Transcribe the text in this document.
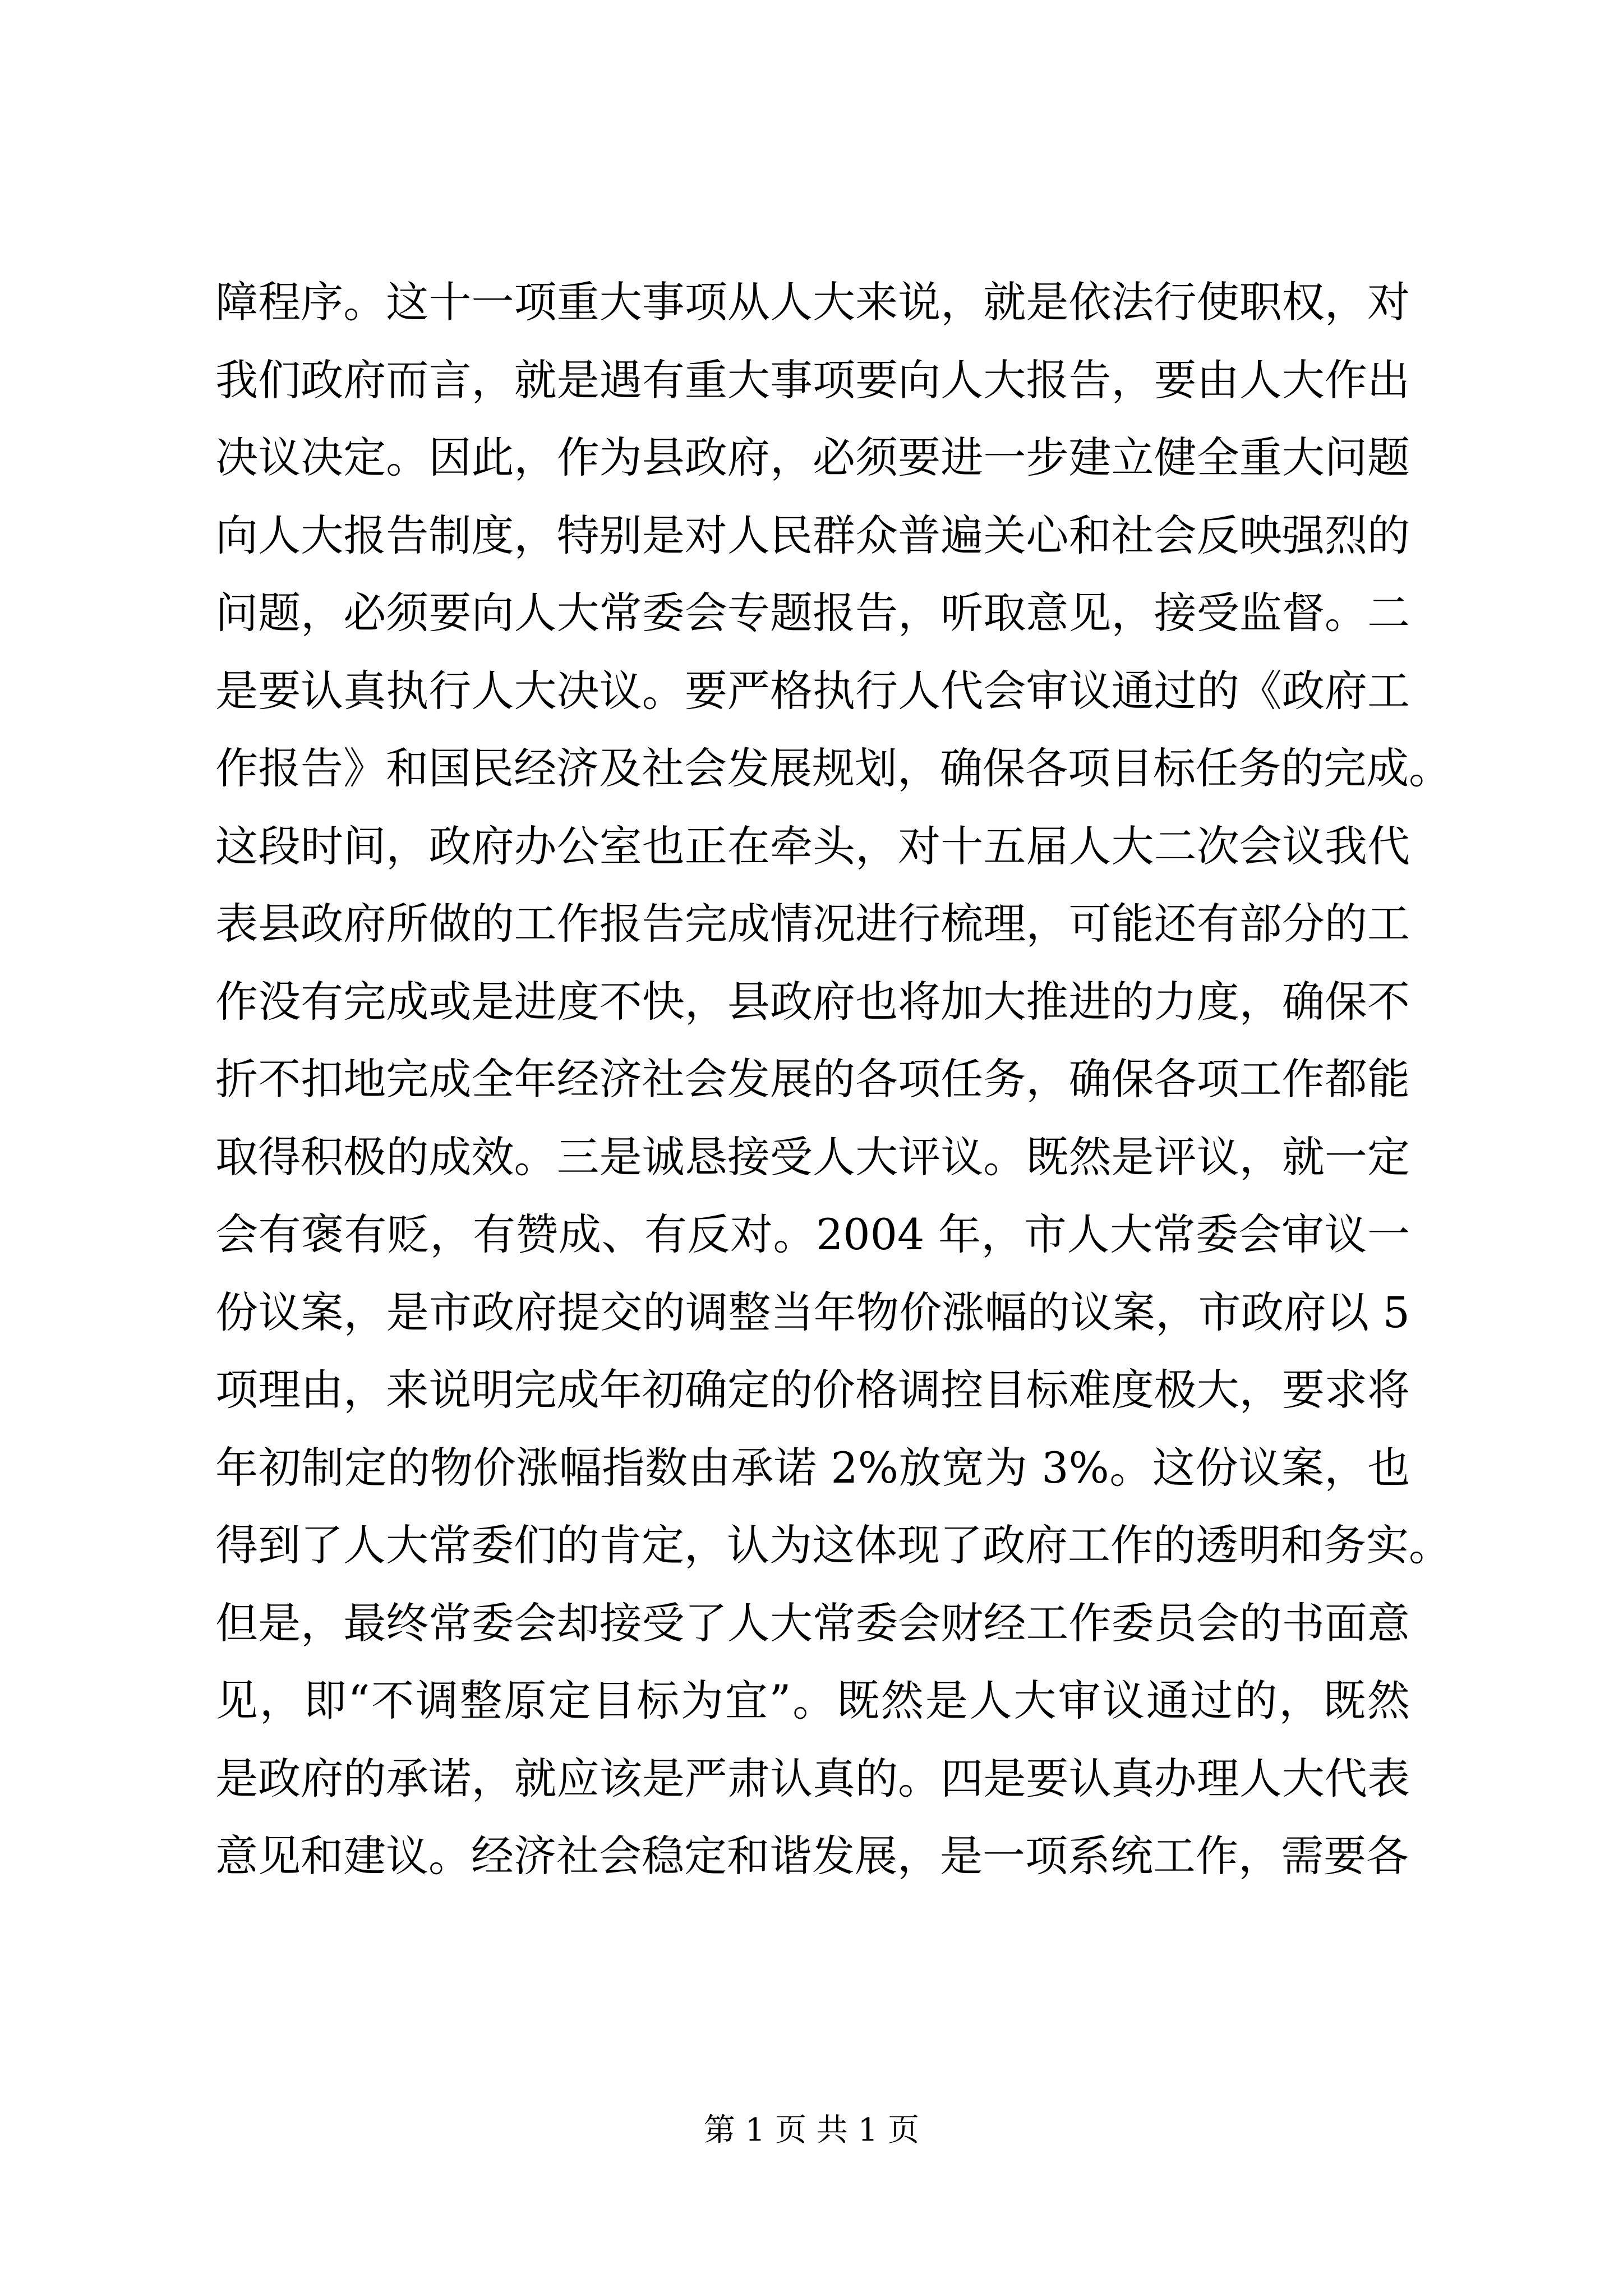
障程序。这十一项重大事项从人大来说，就是依法行使职权，对
我们政府而言，就是遇有重大事项要向人大报告，要由人大作出
决议决定。因此，作为县政府，必须要进一步建立健全重大问题
向人大报告制度，特别是对人民群众普遍关心和社会反映强烈的
问题，必须要向人大常委会专题报告，听取意见，接受监督。二
是要认真执行人大决议。要严格执行人代会审议通过的《政府工
作报告》和国民经济及社会发展规划，确保各项目标任务的完成。
这段时间，政府办公室也正在牵头，对十五届人大二次会议我代
表县政府所做的工作报告完成情况进行梳理，可能还有部分的工
作没有完成或是进度不快，县政府也将加大推进的力度，确保不
折不扣地完成全年经济社会发展的各项任务，确保各项工作都能
取得积极的成效。三是诚恳接受人大评议。既然是评议，就一定
会有褒有贬，有赞成、有反对。2004 年，市人大常委会审议一
份议案，是市政府提交的调整当年物价涨幅的议案，市政府以 5
项理由，来说明完成年初确定的价格调控目标难度极大，要求将
年初制定的物价涨幅指数由承诺 2%放宽为 3%。这份议案，也
得到了人大常委们的肯定，认为这体现了政府工作的透明和务实。
但是，最终常委会却接受了人大常委会财经工作委员会的书面意
见，即“不调整原定目标为宜”。既然是人大审议通过的，既然
是政府的承诺，就应该是严肃认真的。四是要认真办理人大代表
意见和建议。经济社会稳定和谐发展，是一项系统工作，需要各
第 1 页 共 1 页
